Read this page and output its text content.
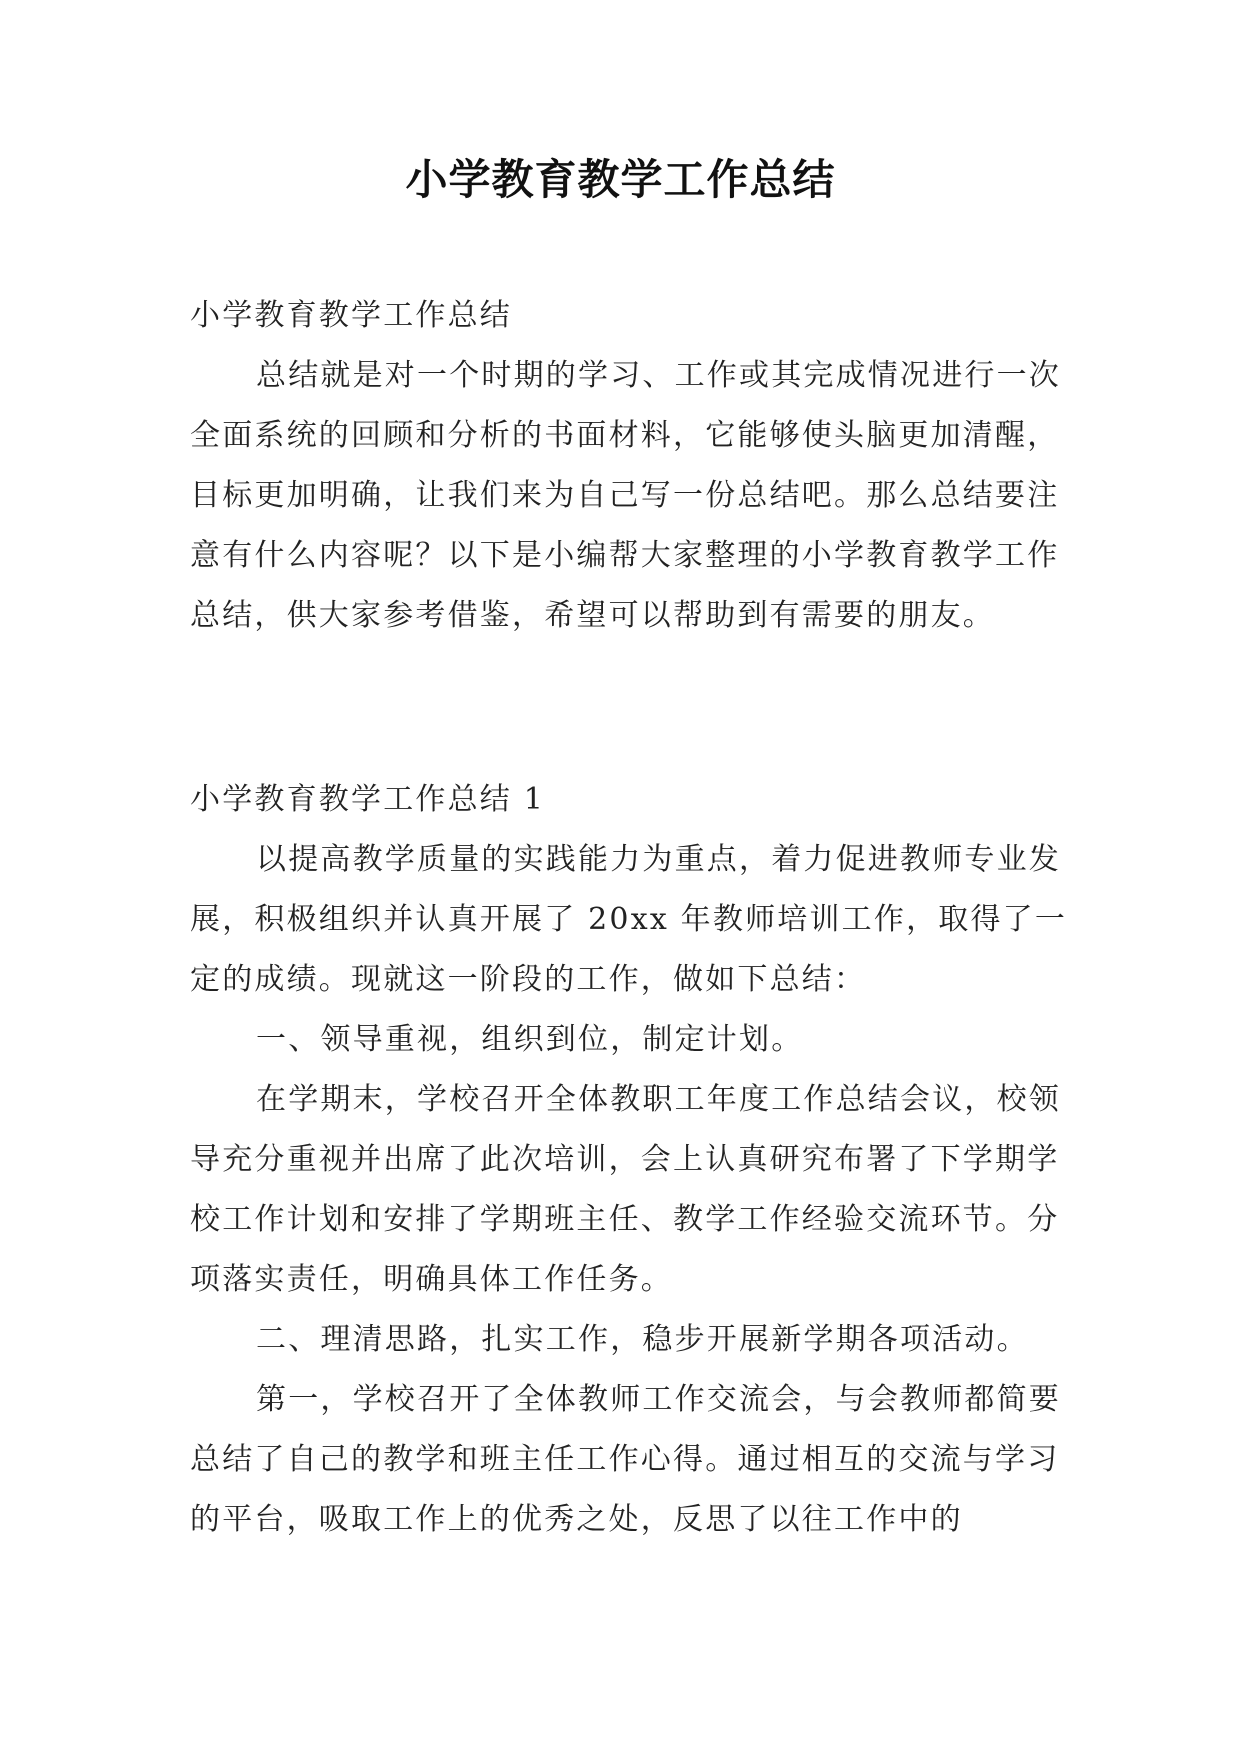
小学教育教学工作总结

小学教育教学工作总结

总结就是对一个时期的学习、工作或其完成情况进行一次全面系统的回顾和分析的书面材料，它能够使头脑更加清醒，目标更加明确，让我们来为自己写一份总结吧。那么总结要注意有什么内容呢？以下是小编帮大家整理的小学教育教学工作总结，供大家参考借鉴，希望可以帮助到有需要的朋友。

小学教育教学工作总结 1

以提高教学质量的实践能力为重点，着力促进教师专业发展，积极组织并认真开展了 20xx 年教师培训工作，取得了一定的成绩。现就这一阶段的工作，做如下总结：

一、领导重视，组织到位，制定计划。

在学期末，学校召开全体教职工年度工作总结会议，校领导充分重视并出席了此次培训，会上认真研究布署了下学期学校工作计划和安排了学期班主任、教学工作经验交流环节。分项落实责任，明确具体工作任务。

二、理清思路，扎实工作，稳步开展新学期各项活动。

第一，学校召开了全体教师工作交流会，与会教师都简要总结了自己的教学和班主任工作心得。通过相互的交流与学习的平台，吸取工作上的优秀之处，反思了以往工作中的
